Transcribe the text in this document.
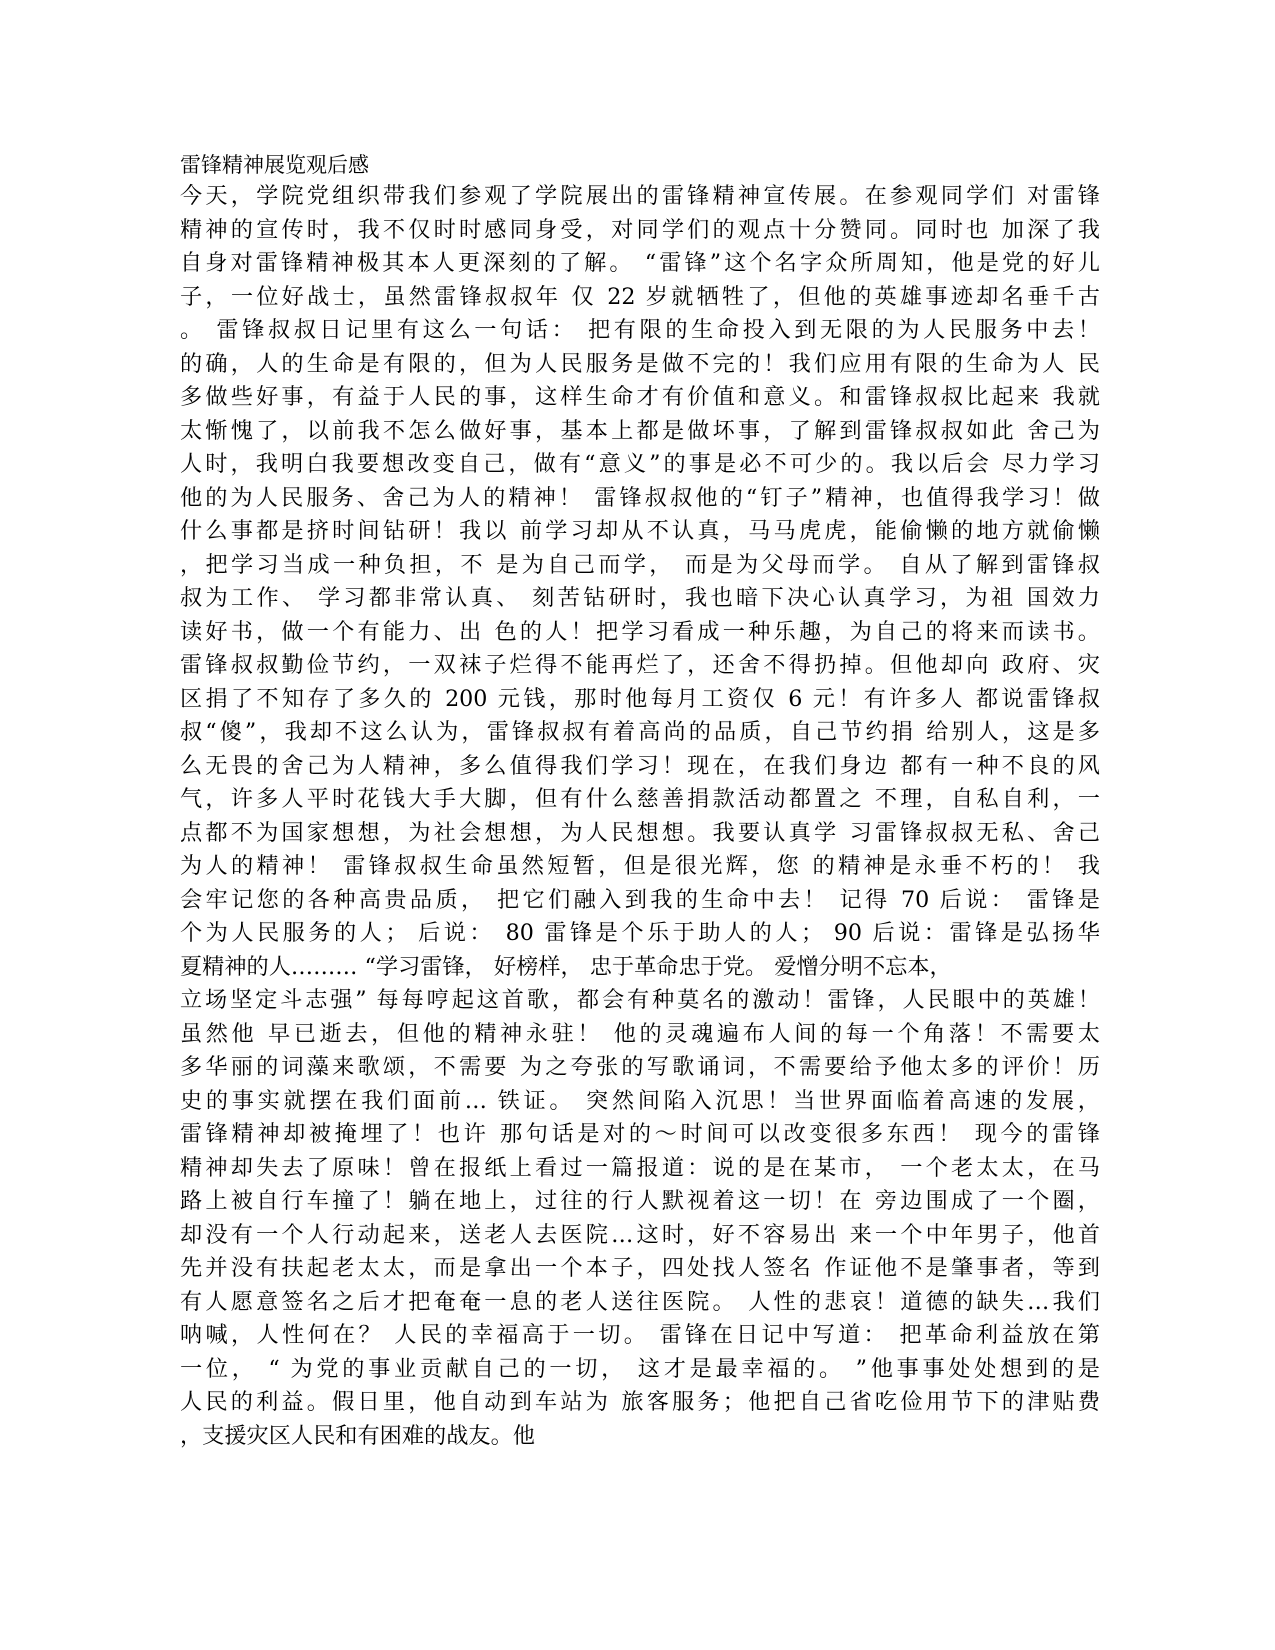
雷锋精神展览观后感
今天，学院党组织带我们参观了学院展出的雷锋精神宣传展。在参观同学们 对雷锋
精神的宣传时，我不仅时时感同身受，对同学们的观点十分赞同。同时也 加深了我
自身对雷锋精神极其本人更深刻的了解。 “雷锋”这个名字众所周知，他是党的好儿
子，一位好战士，虽然雷锋叔叔年 仅 22 岁就牺牲了，但他的英雄事迹却名垂千古
。 雷锋叔叔日记里有这么一句话： 把有限的生命投入到无限的为人民服务中去！
的确，人的生命是有限的，但为人民服务是做不完的！我们应用有限的生命为人 民
多做些好事，有益于人民的事，这样生命才有价值和意义。和雷锋叔叔比起来 我就
太惭愧了，以前我不怎么做好事，基本上都是做坏事，了解到雷锋叔叔如此 舍己为
人时，我明白我要想改变自己，做有“意义”的事是必不可少的。我以后会 尽力学习
他的为人民服务、舍己为人的精神！ 雷锋叔叔他的“钉子”精神，也值得我学习！做
什么事都是挤时间钻研！我以 前学习却从不认真，马马虎虎，能偷懒的地方就偷懒
，把学习当成一种负担，不 是为自己而学， 而是为父母而学。 自从了解到雷锋叔
叔为工作、 学习都非常认真、 刻苦钻研时，我也暗下决心认真学习，为祖 国效力
读好书，做一个有能力、出 色的人！把学习看成一种乐趣，为自己的将来而读书。
雷锋叔叔勤俭节约，一双袜子烂得不能再烂了，还舍不得扔掉。但他却向 政府、灾
区捐了不知存了多久的 200 元钱，那时他每月工资仅 6 元！有许多人 都说雷锋叔
叔“傻”，我却不这么认为，雷锋叔叔有着高尚的品质，自己节约捐 给别人，这是多
么无畏的舍己为人精神，多么值得我们学习！现在，在我们身边 都有一种不良的风
气，许多人平时花钱大手大脚，但有什么慈善捐款活动都置之 不理，自私自利，一
点都不为国家想想，为社会想想，为人民想想。我要认真学 习雷锋叔叔无私、舍己
为人的精神！ 雷锋叔叔生命虽然短暂，但是很光辉，您 的精神是永垂不朽的！ 我
会牢记您的各种高贵品质， 把它们融入到我的生命中去！ 记得 70 后说： 雷锋是
个为人民服务的人； 后说： 80 雷锋是个乐于助人的人； 90 后说：雷锋是弘扬华
夏精神的人……… “学习雷锋， 好榜样， 忠于革命忠于党。 爱憎分明不忘本，
立场坚定斗志强” 每每哼起这首歌，都会有种莫名的激动！雷锋，人民眼中的英雄！
虽然他 早已逝去，但他的精神永驻！ 他的灵魂遍布人间的每一个角落！不需要太
多华丽的词藻来歌颂，不需要 为之夸张的写歌诵词，不需要给予他太多的评价！历
史的事实就摆在我们面前… 铁证。 突然间陷入沉思！当世界面临着高速的发展，
雷锋精神却被掩埋了！也许 那句话是对的～时间可以改变很多东西！ 现今的雷锋
精神却失去了原味！曾在报纸上看过一篇报道：说的是在某市， 一个老太太，在马
路上被自行车撞了！躺在地上，过往的行人默视着这一切！在 旁边围成了一个圈，
却没有一个人行动起来，送老人去医院…这时，好不容易出 来一个中年男子，他首
先并没有扶起老太太，而是拿出一个本子，四处找人签名 作证他不是肇事者，等到
有人愿意签名之后才把奄奄一息的老人送往医院。 人性的悲哀！道德的缺失…我们
呐喊，人性何在？ 人民的幸福高于一切。 雷锋在日记中写道： 把革命利益放在第
一位， “ 为党的事业贡献自己的一切， 这才是最幸福的。 ”他事事处处想到的是
人民的利益。假日里，他自动到车站为 旅客服务；他把自己省吃俭用节下的津贴费
，支援灾区人民和有困难的战友。他
